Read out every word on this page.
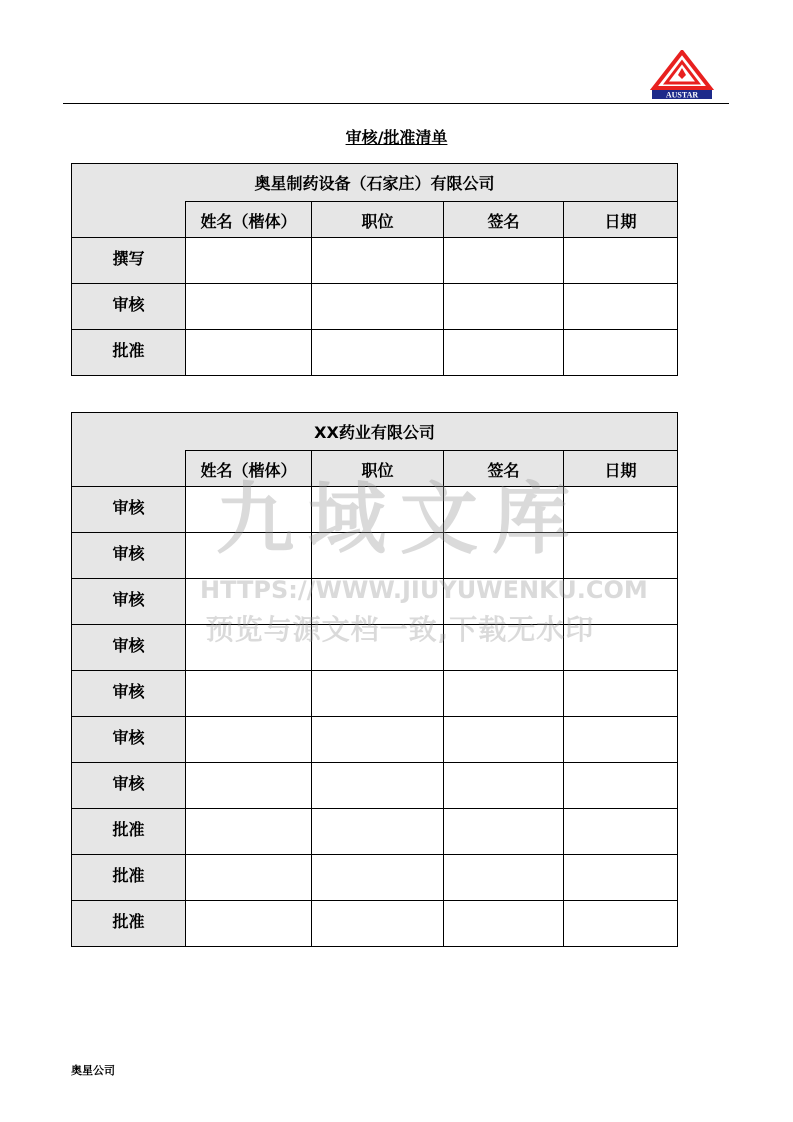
AUSTAR
审核/批准清单
奥星制药设备（石家庄）有限公司				
	姓名（楷体）	职位	签名	日期
撰写				
审核				
批准				
XX药业有限公司				
	姓名（楷体）	职位	签名	日期
审核				
审核				
审核				
审核				
审核				
审核				
审核				
批准				
批准				
批准				
九域文库
HTTPS://WWW.JIUYUWENKU.COM
预览与源文档一致,下载无水印
奥星公司
